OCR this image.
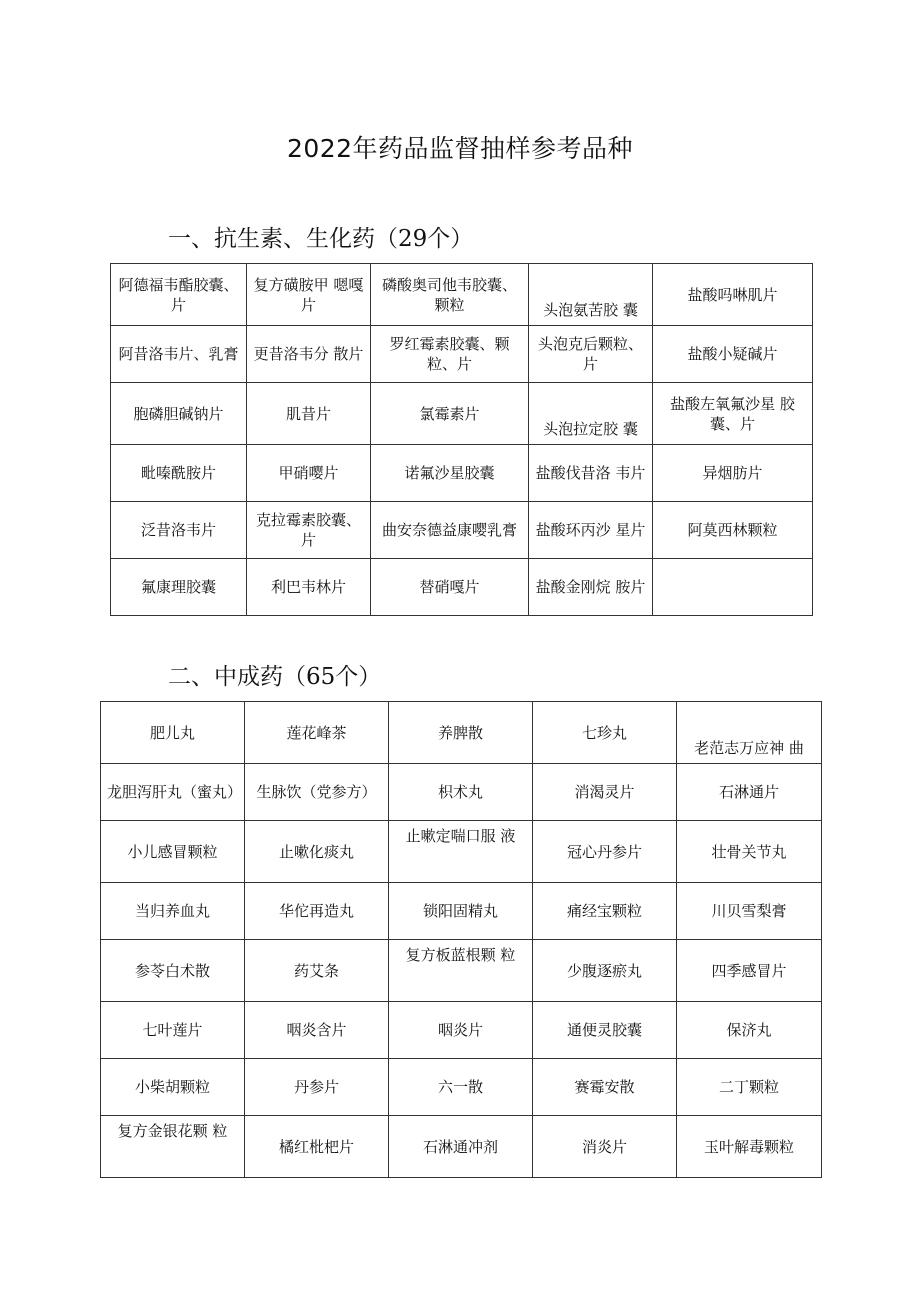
2022年药品监督抽样参考品种
一、抗生素、生化药（29个）
阿德福韦酯胶囊、片	复方磺胺甲 嗯嘎片	磷酸奥司他韦胶囊、颗粒	头泡氨苦胶 囊	盐酸吗啉肌片
阿昔洛韦片、乳膏	更昔洛韦分 散片	罗红霉素胶囊、颗粒、片	头泡克后颗粒、片	盐酸小疑碱片
胞磷胆碱钠片	肌昔片	氯霉素片	头泡拉定胶 囊	盐酸左氧氟沙星 胶囊、片
毗嗪酰胺片	甲硝嘤片	诺氟沙星胶囊	盐酸伐昔洛 韦片	异烟肪片
泛昔洛韦片	克拉霉素胶囊、片	曲安奈德益康嘤乳膏	盐酸环丙沙 星片	阿莫西林颗粒
氟康理胶囊	利巴韦林片	替硝嘎片	盐酸金刚烷 胺片	
二、中成药（65个）
肥儿丸	莲花峰茶	养脾散	七珍丸	老范志万应神 曲
龙胆泻肝丸（蜜丸）	生脉饮（党参方）	枳术丸	消渴灵片	石淋通片
小儿感冒颗粒	止嗽化痰丸	止嗽定喘口服 液	冠心丹参片	壮骨关节丸
当归养血丸	华佗再造丸	锁阳固精丸	痛经宝颗粒	川贝雪梨膏
参苓白术散	药艾条	复方板蓝根颗 粒	少腹逐瘀丸	四季感冒片
七叶莲片	咽炎含片	咽炎片	通便灵胶囊	保济丸
小柴胡颗粒	丹参片	六一散	赛霉安散	二丁颗粒
复方金银花颗 粒	橘红枇杷片	石淋通冲剂	消炎片	玉叶解毒颗粒
